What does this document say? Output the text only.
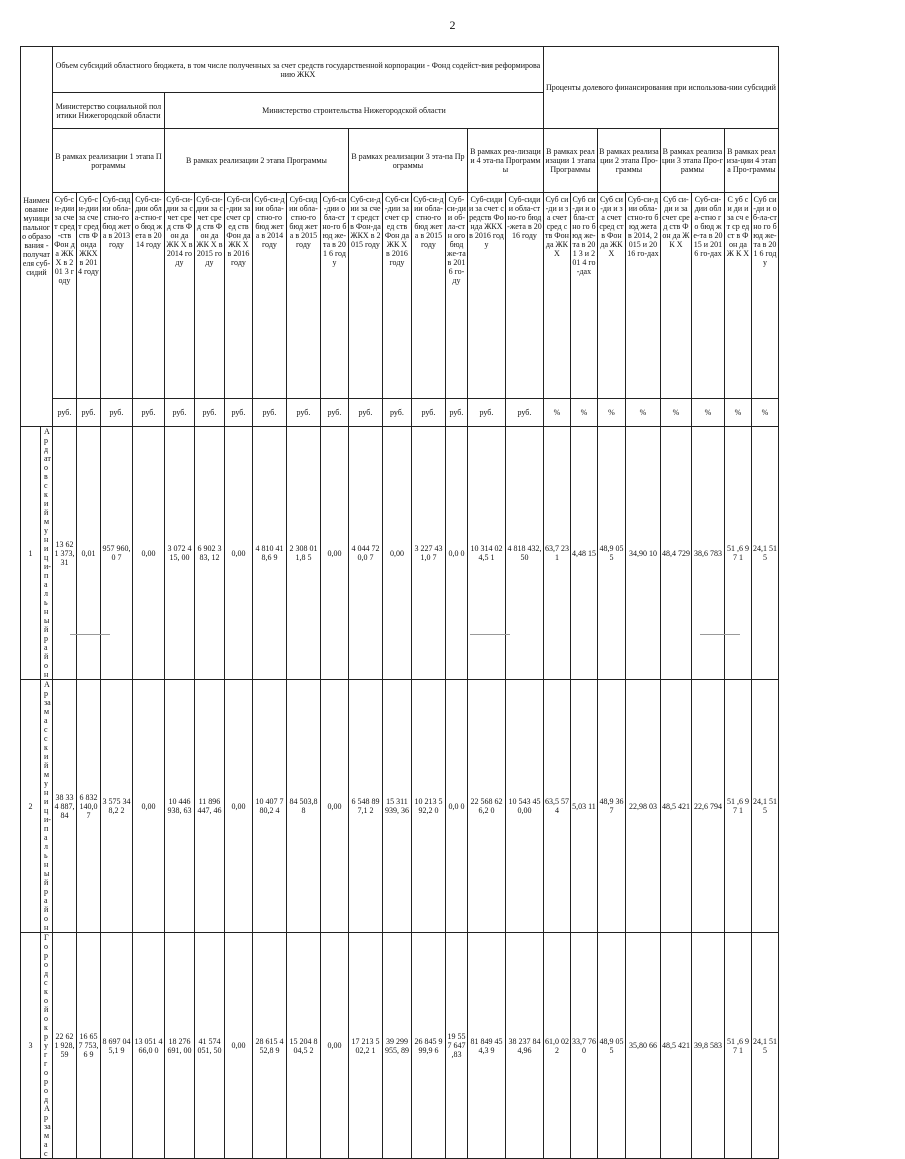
2
Наименование муниципального образования - получателя суб-сидий		Объем субсидий областного бюджета, в том числе полученных за счет средств государственной корпорации - Фонд содейст-вия реформированию ЖКХ																Проценты долевого финансирования при использова-нии субсидий							
		Министерство социальной политики Нижегородской области				Министерство строительства Нижегородской области																			
		В рамках реализации 1 этапа Программы				В рамках реализации 2 этапа Программы						В рамках реализации 3 эта-па Программы				В рамках реа-лизации 4 эта-па Программы		В рамках реализации 1 этапа Программы		В рамках реализации 2 этапа Про-граммы		В рамках реализации 3 этапа Про-граммы		В рамках реализа-ции 4 этапа Про-граммы	
		Суб-си-дии за счет сред-ств Фон да ЖК Х в 201 3 году	Суб-си-дии за счет средств Фонда ЖКХ в 2014 году	Суб-сидии обла-стно-го бюд жета в 2013 году	Суб-си-дии обла-стно-го бюд жета в 2014 году	Суб-си-дии за счет сред ств Фон да ЖК Х в 2014 году	Суб-си-дии за счет сред ств Фон да ЖК Х в 2015 году	Суб-си-дии за счет сред ств Фон да ЖК Х в 2016 году	Суб-си-дии обла-стно-го бюд жета в 2014 году	Суб-сидии обла-стно-го бюд жета в 2015 году	Суб-си-дии обла-стно-го бюд же-та в 201 6 году	Суб-си-дии за счет средст в Фон-да ЖКХ в 2015 году	Суб-си-дии за счет сред ств Фон да ЖК Х в 2016 году	Суб-си-дии обла-стно-го бюд жета в 2015 году	Суб-си-дии об-ла-стн ого бюд же-та в 201 6 го-ду	Суб-сидии за счет средств Фонда ЖКХ в 2016 году	Суб-сидии обла-стно-го бюд-жета в 2016 году	Суб си-ди и за счет сред ств Фон да ЖК Х	Суб си-ди и обла-стно го бюд же-та в 201 3 и 201 4 го-дах	Суб си-ди и за счет сред ств Фон да ЖК Х	Суб-си-дии обла-стно-го бюд жета в 2014, 2015 и 2016 го-дах	Суб си-ди и за счет сред ств Фон да ЖК Х	Суб-си-дии обла-стно го бюд же-та в 2015 и 2016 го-дах	С уб си ди и за сч ет ср ед ст в Ф он да Ж К Х	Суб си-ди и об-ла-стно го бюд же-та в 201 6 году
		руб.	руб.	руб.	руб.	руб.	руб.	руб.	руб.	руб.	руб.	руб.	руб.	руб.	руб.	руб.	руб.	%	%	%	%	%	%	%	%
1	Ардатовский муници-пальный район	13 621 373, 31	0,01	957 960,0 7	0,00	3 072 415, 00	6 902 383, 12	0,00	4 810 418,6 9	2 308 011,8 5	0,00	4 044 720,0 7	0,00	3 227 431,0 7	0,0 0	10 314 024,5 1	4 818 432,50	63,7 231	4,48 15	48,9 055	34,90 10	48,4 729	38,6 783	51 ,6 97 1	24,1 515
2	Арзамасский муници-пальный район	38 334 887, 84	6 832 140,0 7	3 575 348,2 2	0,00	10 446 938, 63	11 896 447, 46	0,00	10 407 780,2 4	84 503,8 8	0,00	6 548 897,1 2	15 311 939, 36	10 213 592,2 0	0,0 0	22 568 626,2 0	10 543 450,00	63,5 574	5,03 11	48,9 367	22,98 03	48,5 421	22,6 794	51 ,6 97 1	24,1 515
3	Городской округ город Арзамас	22 621 928, 59	16 657 753,6 9	8 697 045,1 9	13 051 466,0 0	18 276 691, 00	41 574 051, 50	0,00	28 615 452,8 9	15 204 804,5 2	0,00	17 213 502,2 1	39 299 955, 89	26 845 999,9 6	19 557 647 ,83	81 849 454,3 9	38 237 844,96	61,0 022	33,7 760	48,9 055	35,80 66	48,5 421	39,8 583	51 ,6 97 1	24,1 515
